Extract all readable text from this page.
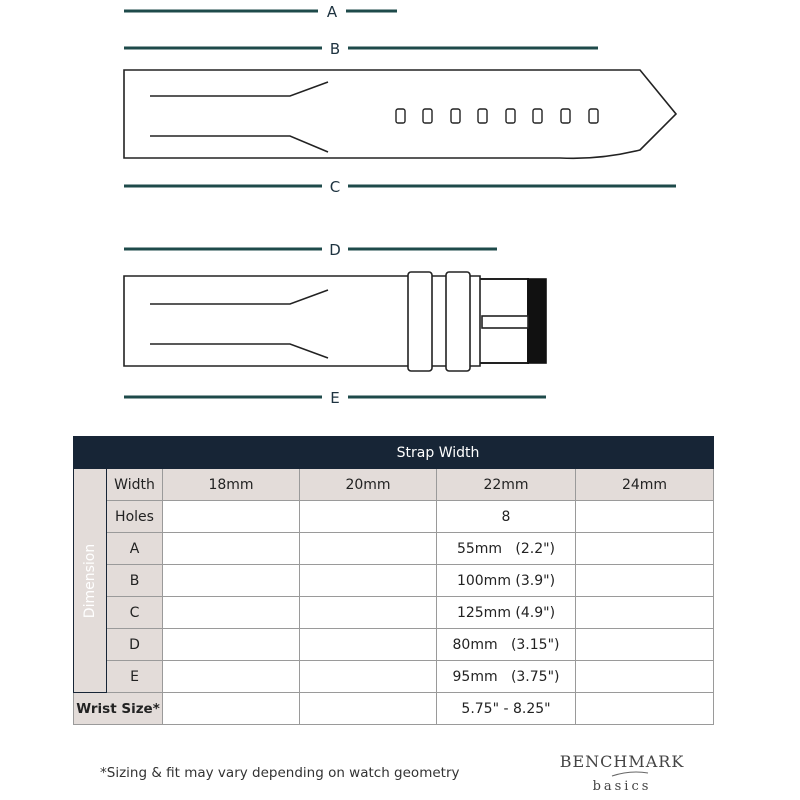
A
B
C
D
E
		Strap Width			

Dimension	Width	18mm	20mm	22mm	24mm
	Holes			8	
	A			55mm   (2.2")	
	B			100mm (3.9")	
	C			125mm (4.9")	
	D			80mm   (3.15")	
	E			95mm   (3.75")	
Wrist Size*				5.75" - 8.25"	
*Sizing & fit may vary depending on watch geometry
BENCHMARK
basics
